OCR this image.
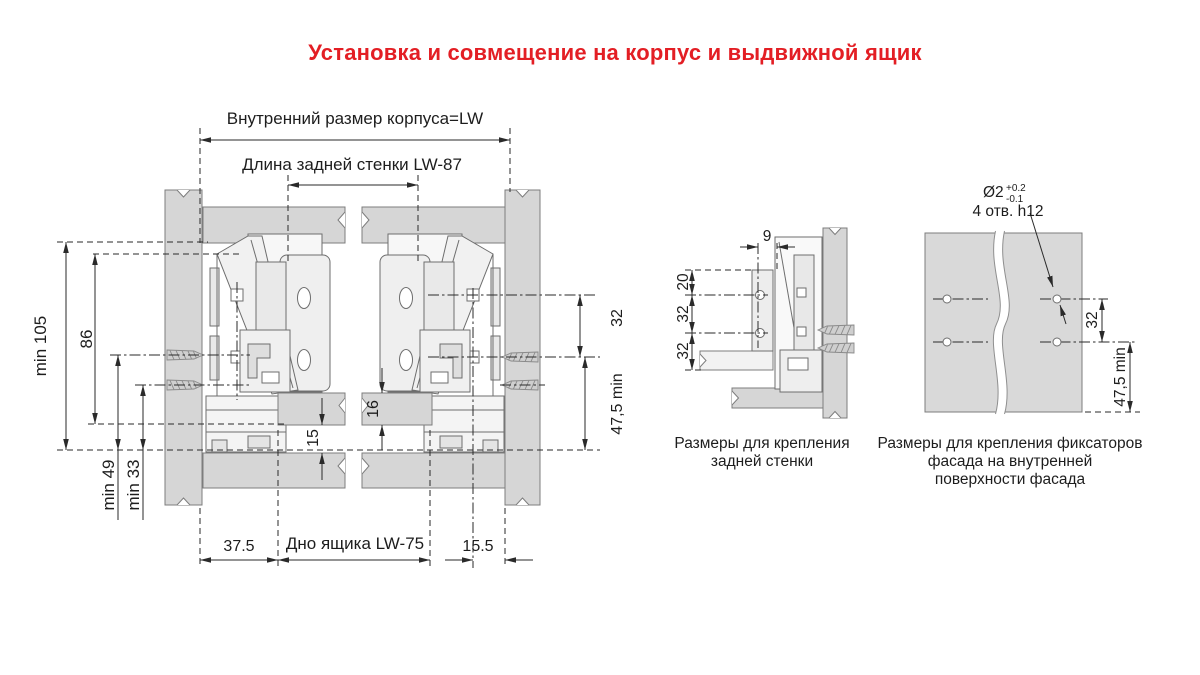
Установка и совмещение на корпус и выдвижной ящик
Внутренний размер корпуса=LW
Длина задней стенки LW-87
min 105 86
min 49 min 33
15
16
32
47,5 min
37.5 Дно ящика LW-75 15.5
9
20
32
32
Размеры для крепления
задней стенки
Ø2 +0.2
-0.1
4 отв. h12
32
47,5 min
Размеры для крепления фиксаторов
фасада на внутренней
поверхности фасада
